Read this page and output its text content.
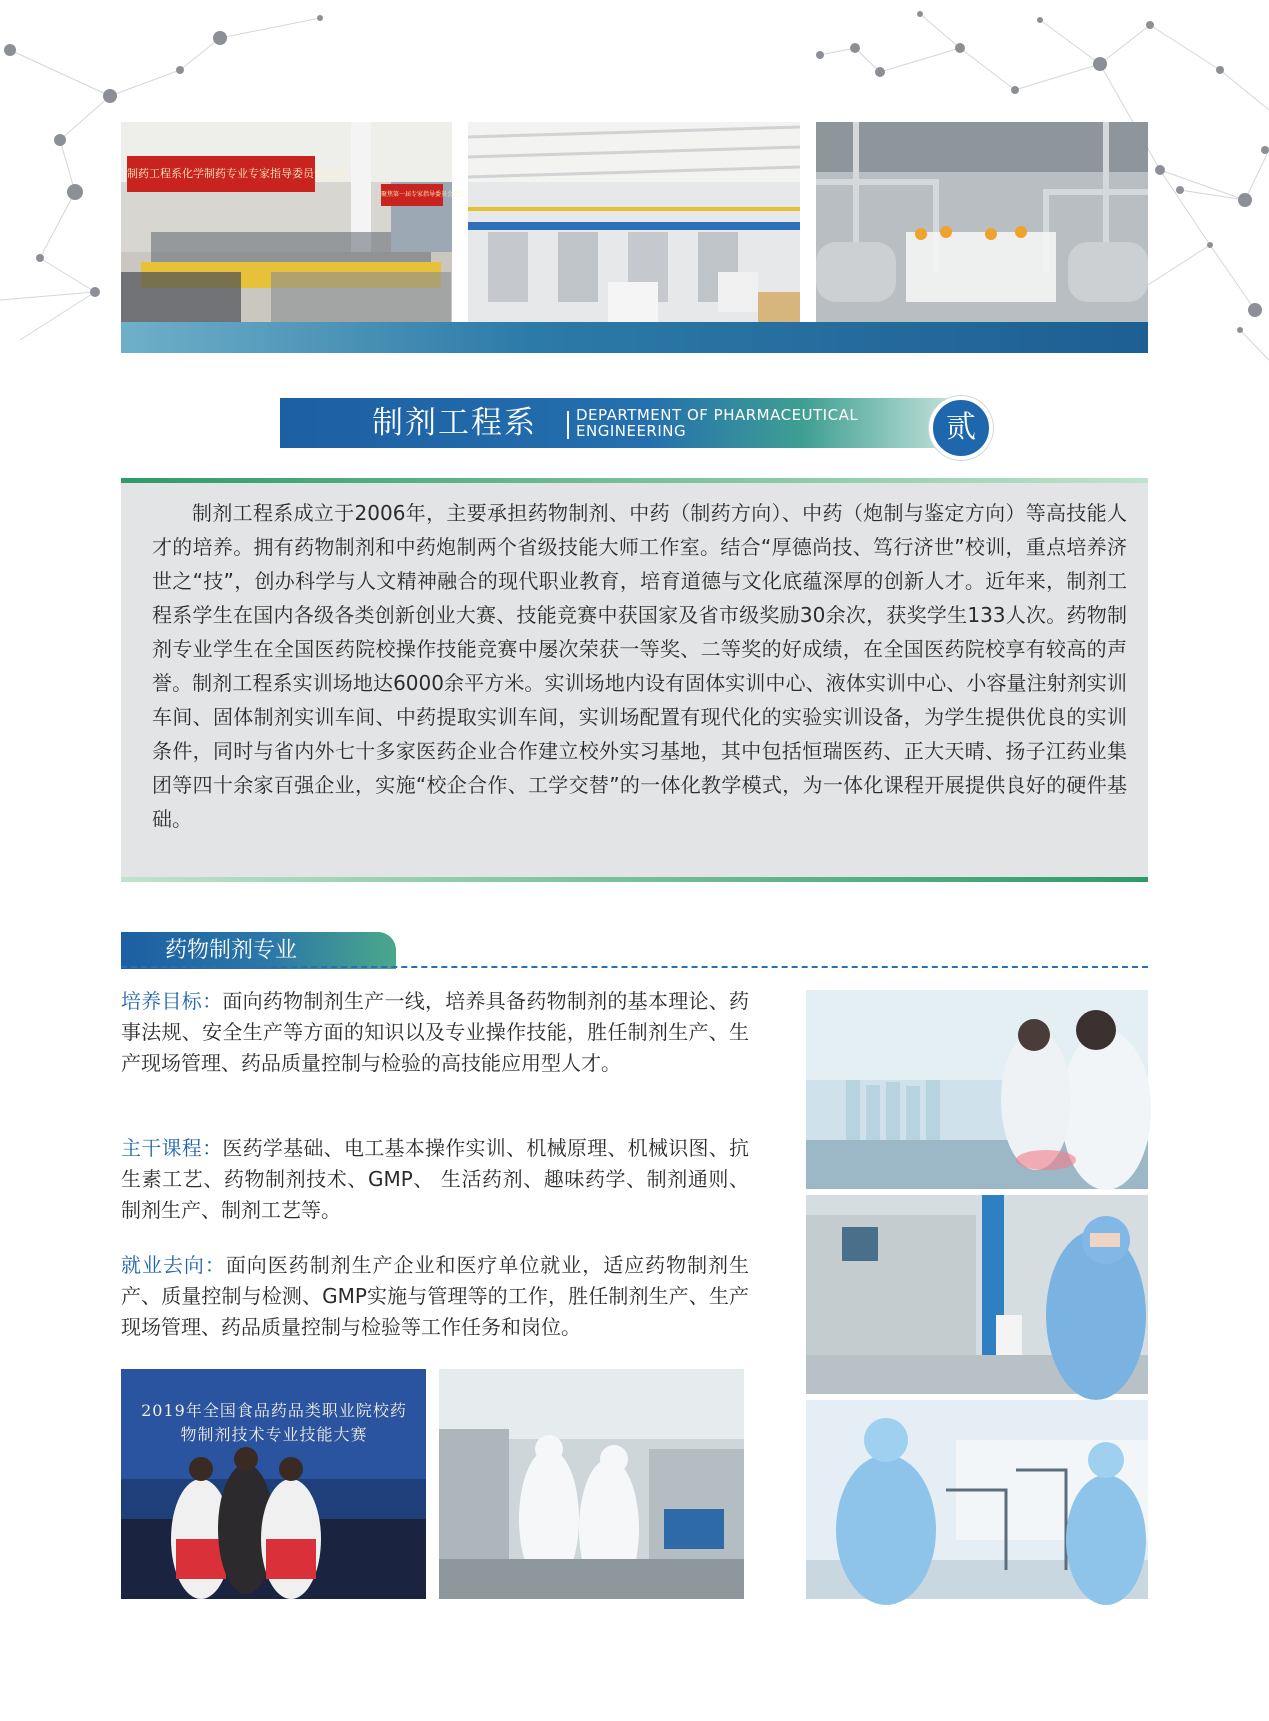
制药工程系化学制药专业专家指导委员会会议
聚焦第一届专家指导委员会会议
制剂工程系	DEPARTMENT OF PHARMACEUTICAL
ENGINEERING	贰

制剂工程系成立于2006年，主要承担药物制剂、中药（制药方向）、中药（炮制与鉴定方向）等高技能人才的培养。拥有药物制剂和中药炮制两个省级技能大师工作室。结合“厚德尚技、笃行济世”校训，重点培养济世之“技”，创办科学与人文精神融合的现代职业教育，培育道德与文化底蕴深厚的创新人才。近年来，制剂工程系学生在国内各级各类创新创业大赛、技能竞赛中获国家及省市级奖励30余次，获奖学生133人次。药物制剂专业学生在全国医药院校操作技能竞赛中屡次荣获一等奖、二等奖的好成绩，在全国医药院校享有较高的声誉。制剂工程系实训场地达6000余平方米。实训场地内设有固体实训中心、液体实训中心、小容量注射剂实训车间、固体制剂实训车间、中药提取实训车间，实训场配置有现代化的实验实训设备，为学生提供优良的实训条件，同时与省内外七十多家医药企业合作建立校外实习基地，其中包括恒瑞医药、正大天晴、扬子江药业集团等四十余家百强企业，实施“校企合作、工学交替”的一体化教学模式，为一体化课程开展提供良好的硬件基础。

药物制剂专业

培养目标：面向药物制剂生产一线，培养具备药物制剂的基本理论、药事法规、安全生产等方面的知识以及专业操作技能，胜任制剂生产、生产现场管理、药品质量控制与检验的高技能应用型人才。

主干课程：医药学基础、电工基本操作实训、机械原理、机械识图、抗生素工艺、药物制剂技术、GMP、 生活药剂、趣味药学、制剂通则、制剂生产、制剂工艺等。

就业去向：面向医药制剂生产企业和医疗单位就业，适应药物制剂生产、质量控制与检测、GMP实施与管理等的工作，胜任制剂生产、生产现场管理、药品质量控制与检验等工作任务和岗位。

2019年全国食品药品类职业院校药物制剂技术专业技能大赛
